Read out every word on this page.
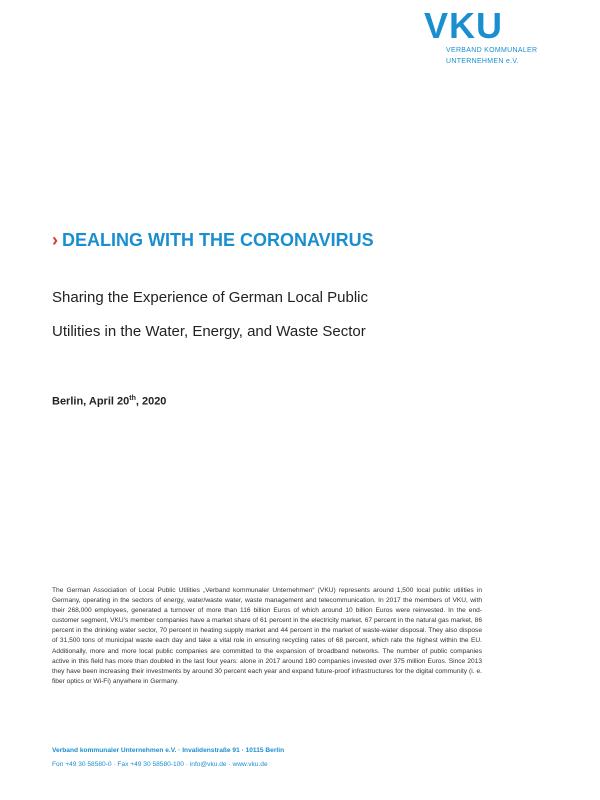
VKU
VERBAND KOMMUNALER
UNTERNEHMEN e.V.
› DEALING WITH THE CORONAVIRUS
Sharing the Experience of German Local Public
Utilities in the Water, Energy, and Waste Sector
Berlin, April 20th, 2020
The German Association of Local Public Utilities „Verband kommunaler Unternehmen“ (VKU) represents around 1,500 local public utilities in Germany, operating in the sectors of energy, water/waste water, waste management and telecommunication. In 2017 the members of VKU, with their 268,000 employees, generated a turnover of more than 116 billion Euros of which around 10 billion Euros were reinvested. In the end-customer segment, VKU’s member companies have a market share of 61 percent in the electricity market, 67 percent in the natural gas market, 86 percent in the drinking water sector, 70 percent in heating supply market and 44 percent in the market of waste-water disposal. They also dispose of 31,500 tons of municipal waste each day and take a vital role in ensuring recycling rates of 68 percent, which rate the highest within the EU. Additionally, more and more local public companies are committed to the expansion of broadband networks. The number of public companies active in this field has more than doubled in the last four years: alone in 2017 around 180 companies invested over 375 million Euros. Since 2013 they have been increasing their investments by around 30 percent each year and expand future-proof infrastructures for the digital community (i. e. fiber optics or Wi-Fi) anywhere in Germany.
Verband kommunaler Unternehmen e.V. · Invalidenstraße 91 · 10115 Berlin
Fon +49 30 58580-0 · Fax +49 30 58580-100 · info@vku.de · www.vku.de
